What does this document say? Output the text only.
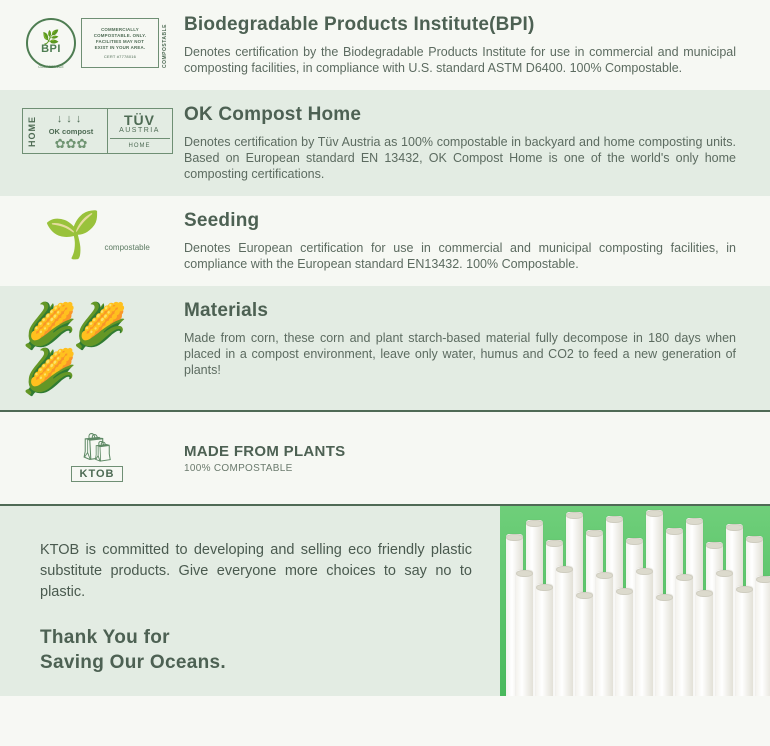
🌿
BPI
COMPOSTABLE
COMMERCIALLY
COMPOSTABLE. ONLY.
FACILITIES MAY NOT
EXIST IN YOUR AREA.
CERT #7778016	COMPOSTABLE Biodegradable Products Institute(BPI)

Denotes certification by the Biodegradable Products Institute for use in commercial and municipal composting facilities, in compliance with U.S. standard ASTM D6400. 100% Compostable.

HOME	↓↓↓
OK compost
✿✿✿
TÜV
AUSTRIA
HOME

OK Compost Home

Denotes certification by Tüv Austria as 100% compostable in backyard and home composting units. Based on European standard EN 13432, OK Compost Home is one of the world's only home composting certifications.

🌱 compostable

Seeding

Denotes European certification for use in commercial and municipal composting facilities, in compliance with the European standard EN13432. 100% Compostable.

🌽🌽🌽

Materials

Made from corn, these corn and plant starch-based material fully decompose in 180 days when placed in a compost environment, leave only water, humus and CO2 to feed a new generation of plants!

🛍
KTOB
MADE FROM PLANTS
100% COMPOSTABLE

KTOB is committed to developing and selling eco friendly plastic substitute products. Give everyone more choices to say no to plastic.

Thank You for
Saving Our Oceans.
